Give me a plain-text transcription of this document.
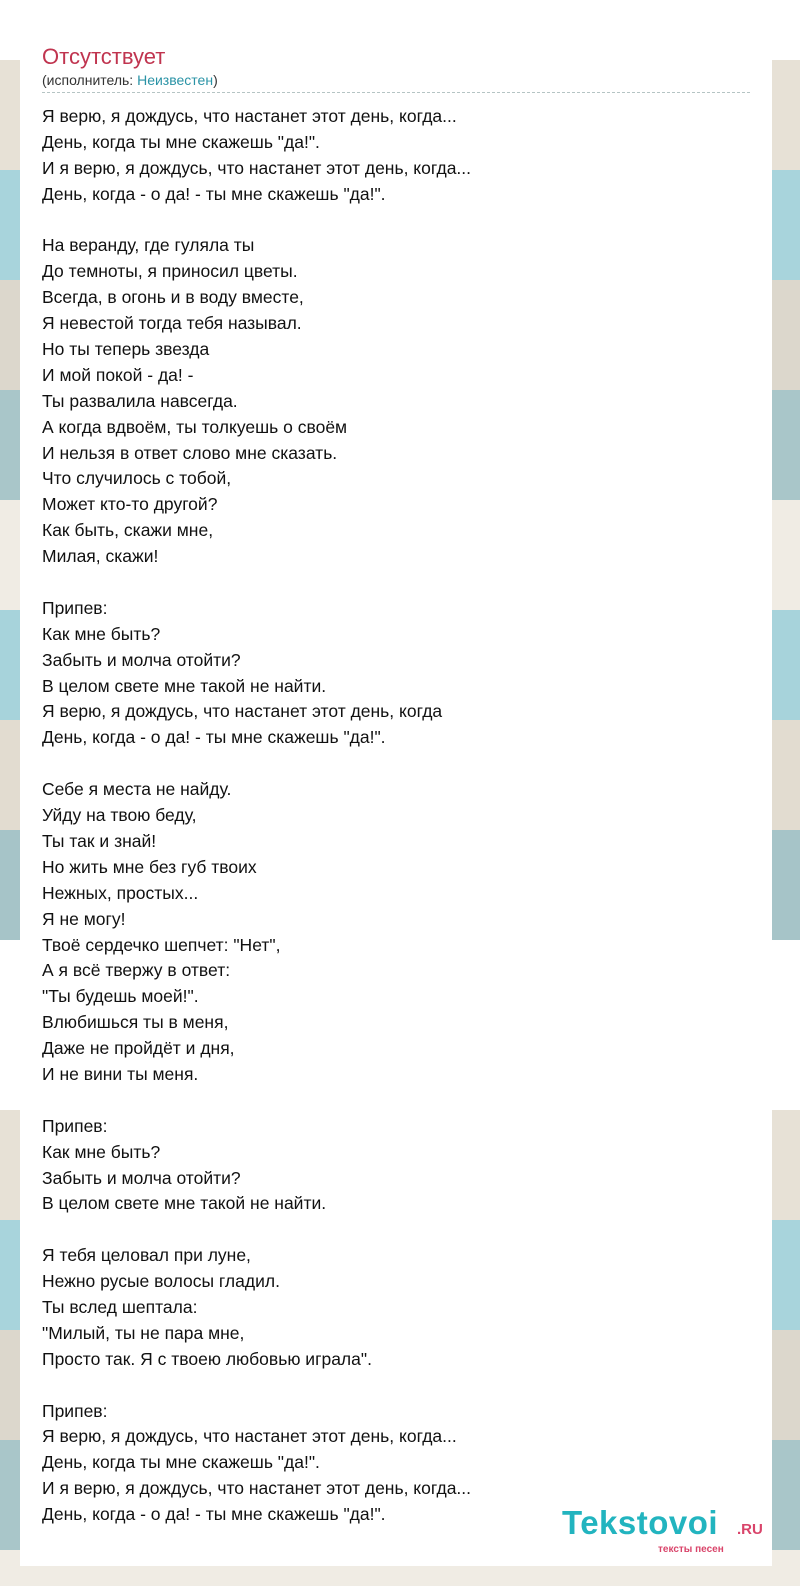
Отсутствует
(исполнитель: Неизвестен)
Я верю, я дождусь, что настанет этот день, когда...
День, когда ты мне скажешь "да!".
И я верю, я дождусь, что настанет этот день, когда...
День, когда - о да! - ты мне скажешь "да!".
На веранду, где гуляла ты
До темноты, я приносил цветы.
Всегда, в огонь и в воду вместе,
Я невестой тогда тебя называл.
Но ты теперь звезда
И мой покой - да! -
Ты развалила навсегда.
А когда вдвоём, ты толкуешь о своём
И нельзя в ответ слово мне сказать.
Что случилось с тобой,
Может кто-то другой?
Как быть, скажи мне,
Милая, скажи!
Припев:
Как мне быть?
Забыть и молча отойти?
В целом свете мне такой не найти.
Я верю, я дождусь, что настанет этот день, когда
День, когда - о да! - ты мне скажешь "да!".
Себе я места не найду.
Уйду на твою беду,
Ты так и знай!
Но жить мне без губ твоих
Нежных, простых...
Я не могу!
Твоё сердечко шепчет: "Нет",
А я всё твержу в ответ:
"Ты будешь моей!".
Влюбишься ты в меня,
Даже не пройдёт и дня,
И не вини ты меня.
Припев:
Как мне быть?
Забыть и молча отойти?
В целом свете мне такой не найти.
Я тебя целовал при луне,
Нежно русые волосы гладил.
Ты вслед шептала:
"Милый, ты не пара мне,
Просто так. Я с твоею любовью играла".
Припев:
Я верю, я дождусь, что настанет этот день, когда...
День, когда ты мне скажешь "да!".
И я верю, я дождусь, что настанет этот день, когда...
День, когда - о да! - ты мне скажешь "да!".	Tekstovoi .RU
тексты песен
